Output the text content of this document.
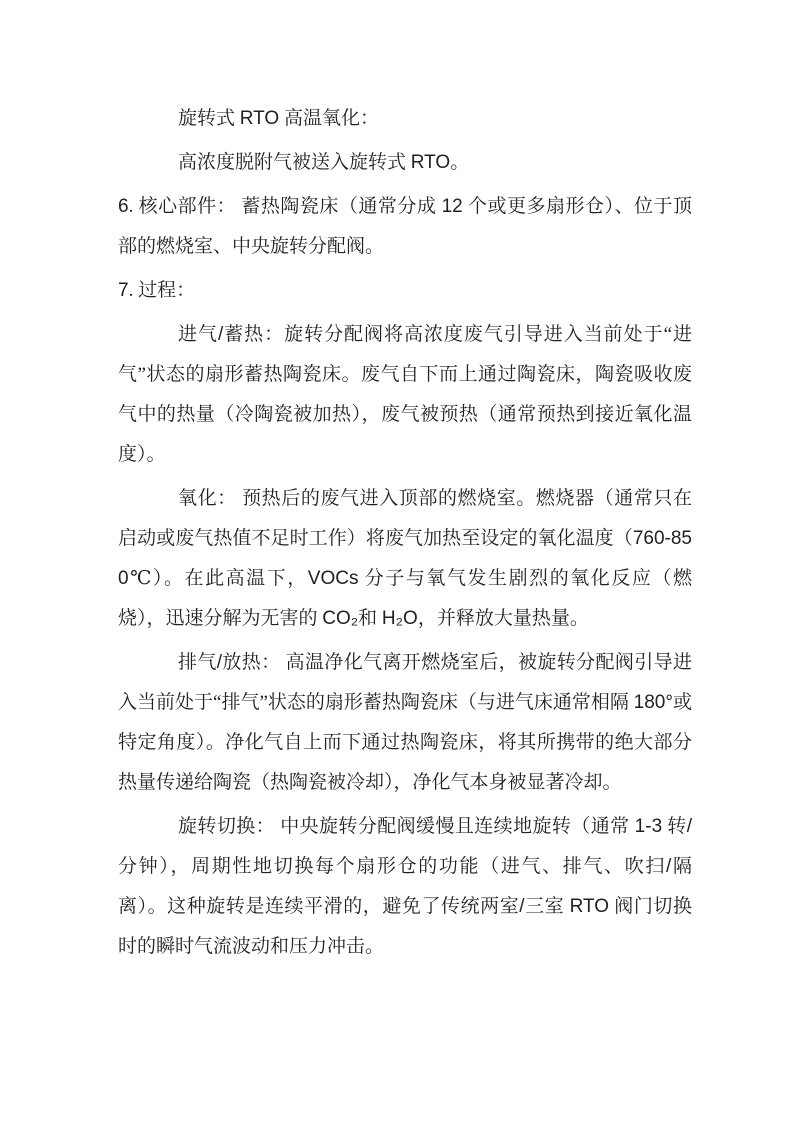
旋转式 RTO 高温氧化：

高浓度脱附气被送入旋转式 RTO。

6. 核心部件： 蓄热陶瓷床（通常分成 12 个或更多扇形仓）、位于顶部的燃烧室、中央旋转分配阀。

7. 过程：

进气/蓄热：旋转分配阀将高浓度废气引导进入当前处于“进气”状态的扇形蓄热陶瓷床。废气自下而上通过陶瓷床，陶瓷吸收废气中的热量（冷陶瓷被加热），废气被预热（通常预热到接近氧化温度）。

氧化： 预热后的废气进入顶部的燃烧室。燃烧器（通常只在启动或废气热值不足时工作）将废气加热至设定的氧化温度（760-850℃）。在此高温下，VOCs 分子与氧气发生剧烈的氧化反应（燃烧），迅速分解为无害的 CO₂和 H₂O，并释放大量热量。

排气/放热： 高温净化气离开燃烧室后，被旋转分配阀引导进入当前处于“排气”状态的扇形蓄热陶瓷床（与进气床通常相隔 180°或特定角度）。净化气自上而下通过热陶瓷床，将其所携带的绝大部分热量传递给陶瓷（热陶瓷被冷却），净化气本身被显著冷却。

旋转切换： 中央旋转分配阀缓慢且连续地旋转（通常 1-3 转/分钟），周期性地切换每个扇形仓的功能（进气、排气、吹扫/隔离）。这种旋转是连续平滑的，避免了传统两室/三室 RTO 阀门切换时的瞬时气流波动和压力冲击。
